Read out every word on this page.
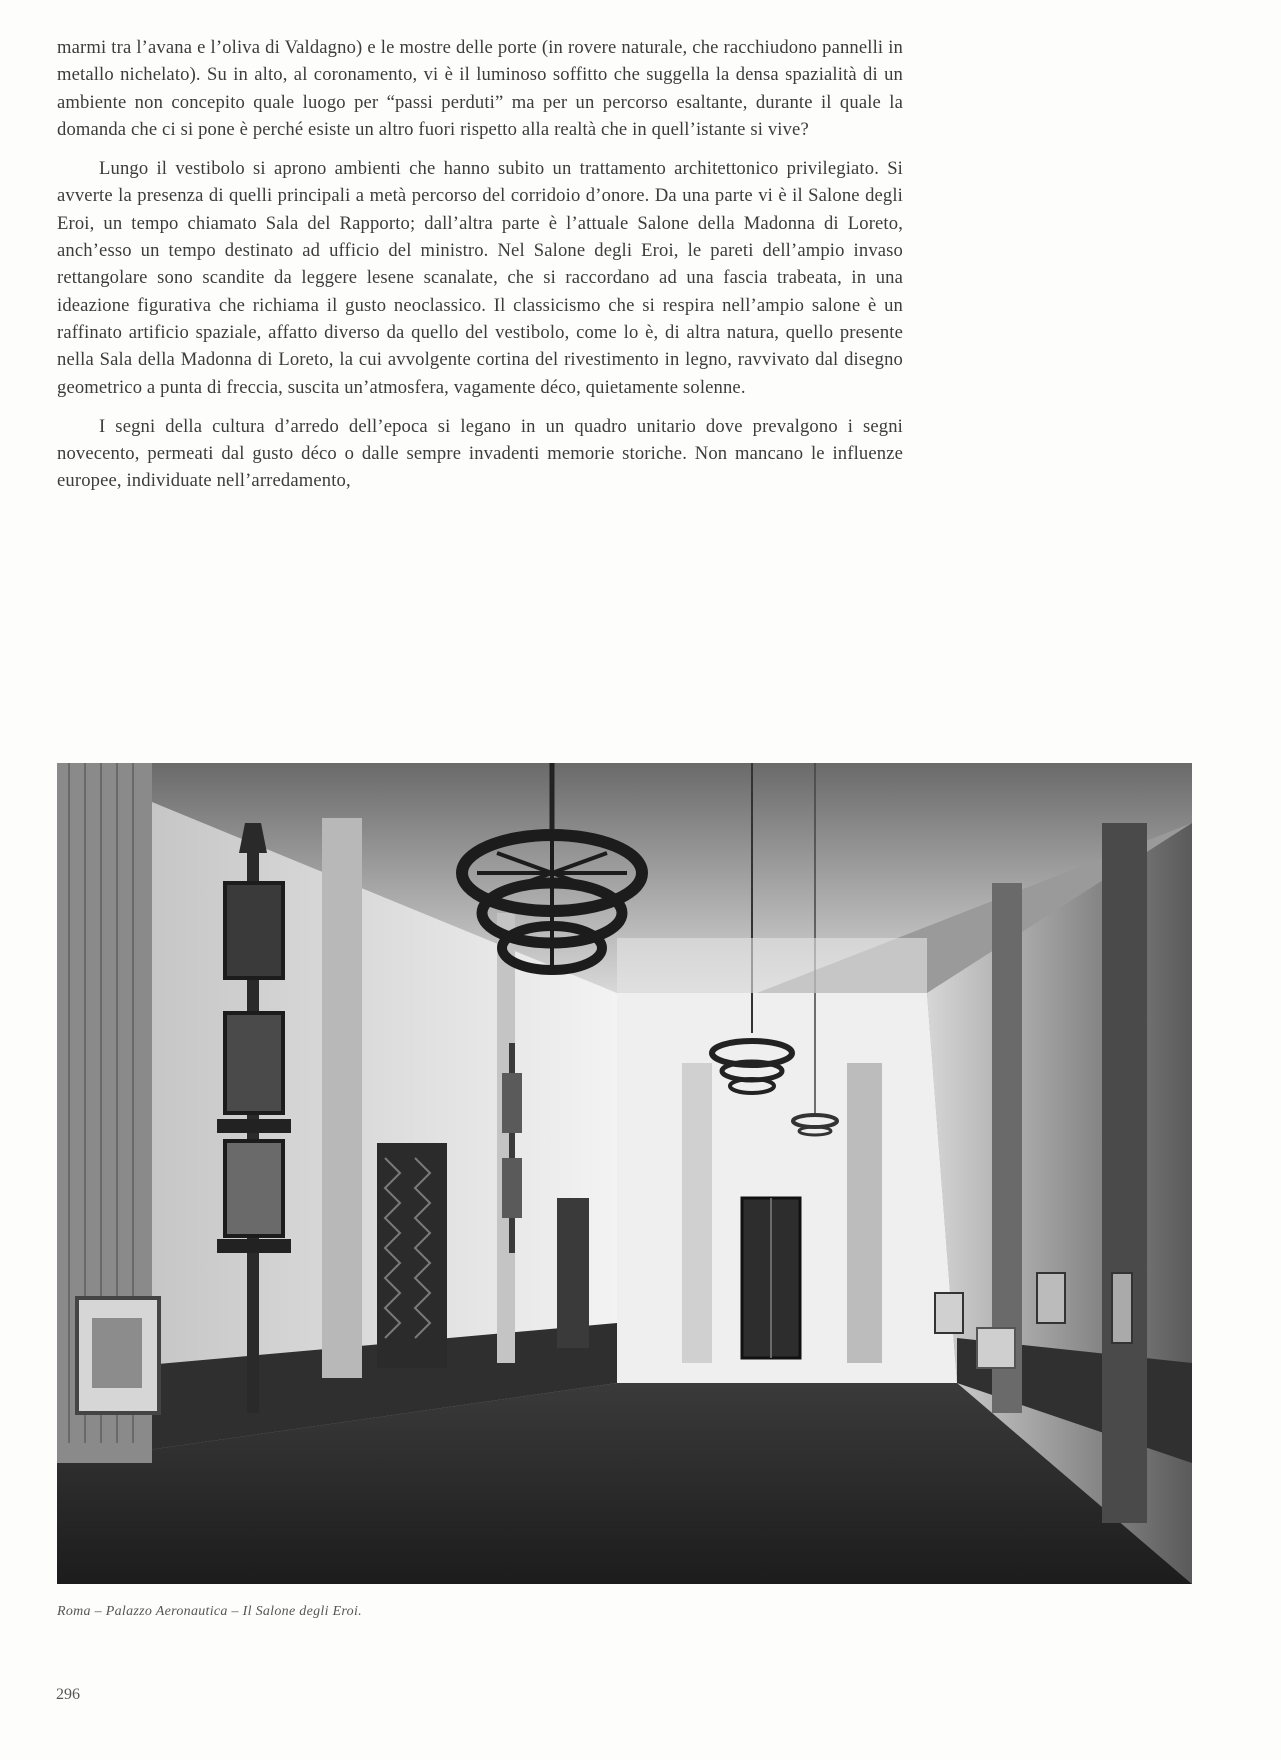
marmi tra l’avana e l’oliva di Valdagno) e le mostre delle porte (in rovere naturale, che racchiudono pannelli in metallo nichelato). Su in alto, al coronamento, vi è il luminoso soffitto che suggella la densa spazialità di un ambiente non concepito quale luogo per “passi perduti” ma per un percorso esaltante, durante il quale la domanda che ci si pone è perché esiste un altro fuori rispetto alla realtà che in quell’istante si vive?

Lungo il vestibolo si aprono ambienti che hanno subito un trattamento architettonico privilegiato. Si avverte la presenza di quelli principali a metà percorso del corridoio d’onore. Da una parte vi è il Salone degli Eroi, un tempo chiamato Sala del Rapporto; dall’altra parte è l’attuale Salone della Madonna di Loreto, anch’esso un tempo destinato ad ufficio del ministro. Nel Salone degli Eroi, le pareti dell’ampio invaso rettangolare sono scandite da leggere lesene scanalate, che si raccordano ad una fascia trabeata, in una ideazione figurativa che richiama il gusto neoclassico. Il classicismo che si respira nell’ampio salone è un raffinato artificio spaziale, affatto diverso da quello del vestibolo, come lo è, di altra natura, quello presente nella Sala della Madonna di Loreto, la cui avvolgente cortina del rivestimento in legno, ravvivato dal disegno geometrico a punta di freccia, suscita un’atmosfera, vagamente déco, quietamente solenne.

I segni della cultura d’arredo dell’epoca si legano in un quadro unitario dove prevalgono i segni novecento, permeati dal gusto déco o dalle sempre invadenti memorie storiche. Non mancano le influenze europee, individuate nell’arredamento,

Roma – Palazzo Aeronautica – Il Salone degli Eroi.
296
